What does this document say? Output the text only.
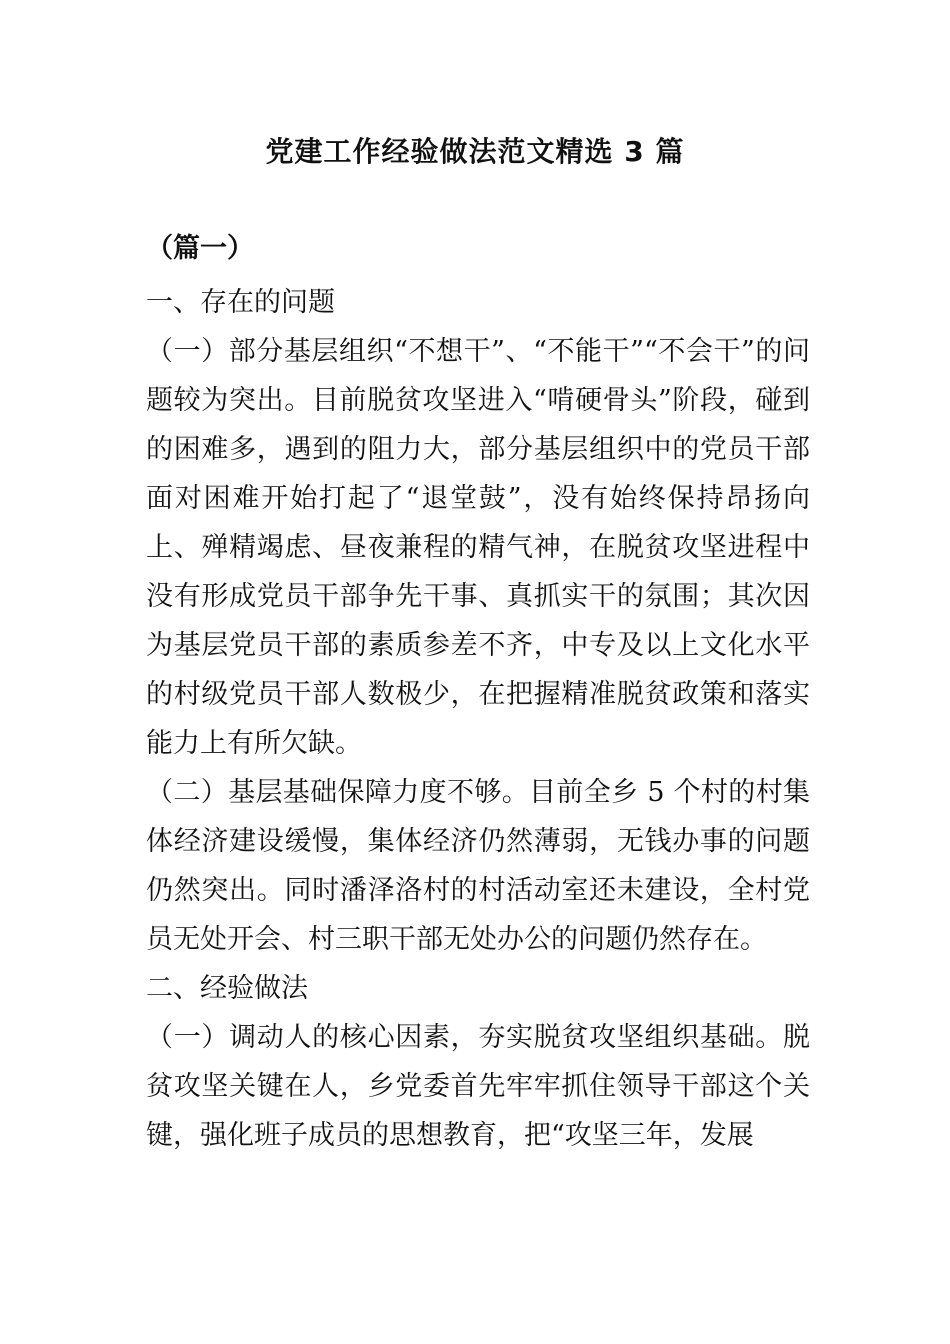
党建工作经验做法范文精选 3 篇

（篇一）

一、存在的问题

（一）部分基层组织“不想干”、“不能干”“不会干”的问题较为突出。目前脱贫攻坚进入“啃硬骨头”阶段，碰到的困难多，遇到的阻力大，部分基层组织中的党员干部面对困难开始打起了“退堂鼓”，没有始终保持昂扬向上、殚精竭虑、昼夜兼程的精气神，在脱贫攻坚进程中没有形成党员干部争先干事、真抓实干的氛围；其次因为基层党员干部的素质参差不齐，中专及以上文化水平的村级党员干部人数极少，在把握精准脱贫政策和落实能力上有所欠缺。

（二）基层基础保障力度不够。目前全乡 5 个村的村集体经济建设缓慢，集体经济仍然薄弱，无钱办事的问题仍然突出。同时潘泽洛村的村活动室还未建设，全村党员无处开会、村三职干部无处办公的问题仍然存在。

二、经验做法

（一）调动人的核心因素，夯实脱贫攻坚组织基础。脱贫攻坚关键在人，乡党委首先牢牢抓住领导干部这个关键，强化班子成员的思想教育，把“攻坚三年，发展
